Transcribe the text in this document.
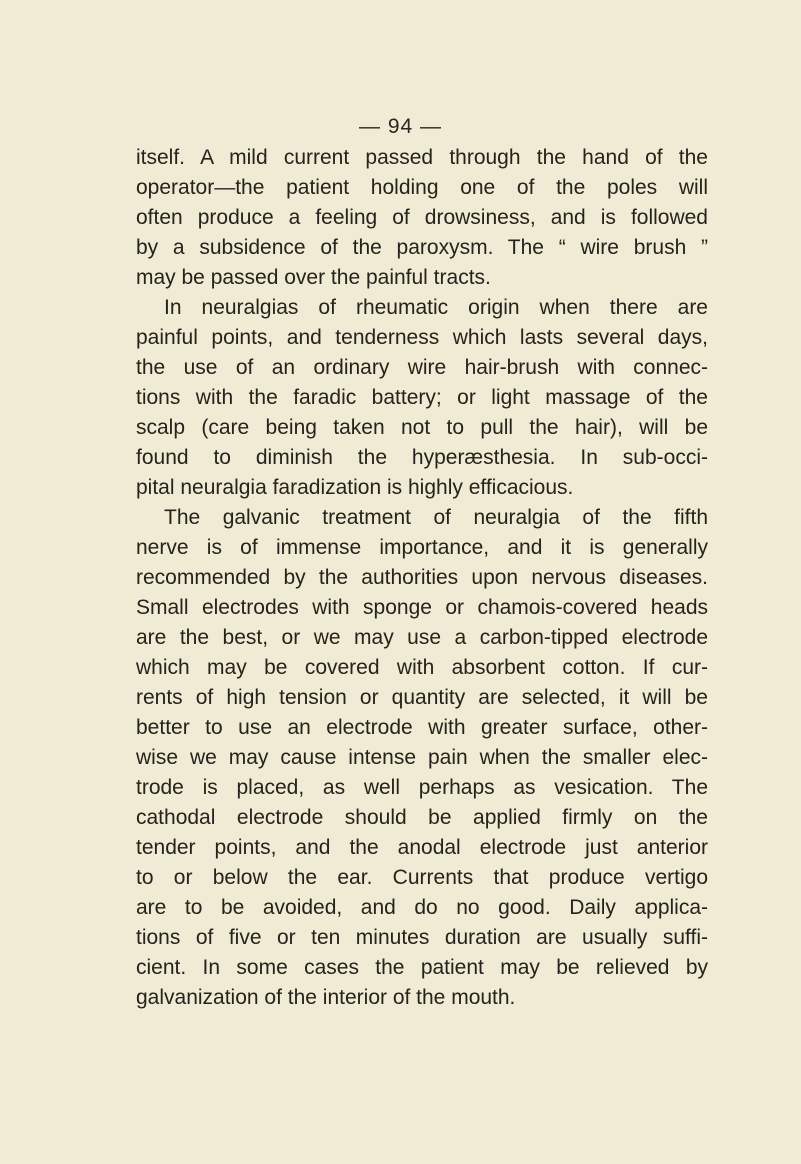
— 94 —
itself. A mild current passed through the hand of the
operator—the patient holding one of the poles will
often produce a feeling of drowsiness, and is followed
by a subsidence of the paroxysm. The “ wire brush ”
may be passed over the painful tracts.
In neuralgias of rheumatic origin when there are
painful points, and tenderness which lasts several days,
the use of an ordinary wire hair-brush with connec-
tions with the faradic battery; or light massage of the
scalp (care being taken not to pull the hair), will be
found to diminish the hyperæsthesia. In sub-occi-
pital neuralgia faradization is highly efficacious.
The galvanic treatment of neuralgia of the fifth
nerve is of immense importance, and it is generally
recommended by the authorities upon nervous diseases.
Small electrodes with sponge or chamois-covered heads
are the best, or we may use a carbon-tipped electrode
which may be covered with absorbent cotton. If cur-
rents of high tension or quantity are selected, it will be
better to use an electrode with greater surface, other-
wise we may cause intense pain when the smaller elec-
trode is placed, as well perhaps as vesication. The
cathodal electrode should be applied firmly on the
tender points, and the anodal electrode just anterior
to or below the ear. Currents that produce vertigo
are to be avoided, and do no good. Daily applica-
tions of five or ten minutes duration are usually suffi-
cient. In some cases the patient may be relieved by
galvanization of the interior of the mouth.
